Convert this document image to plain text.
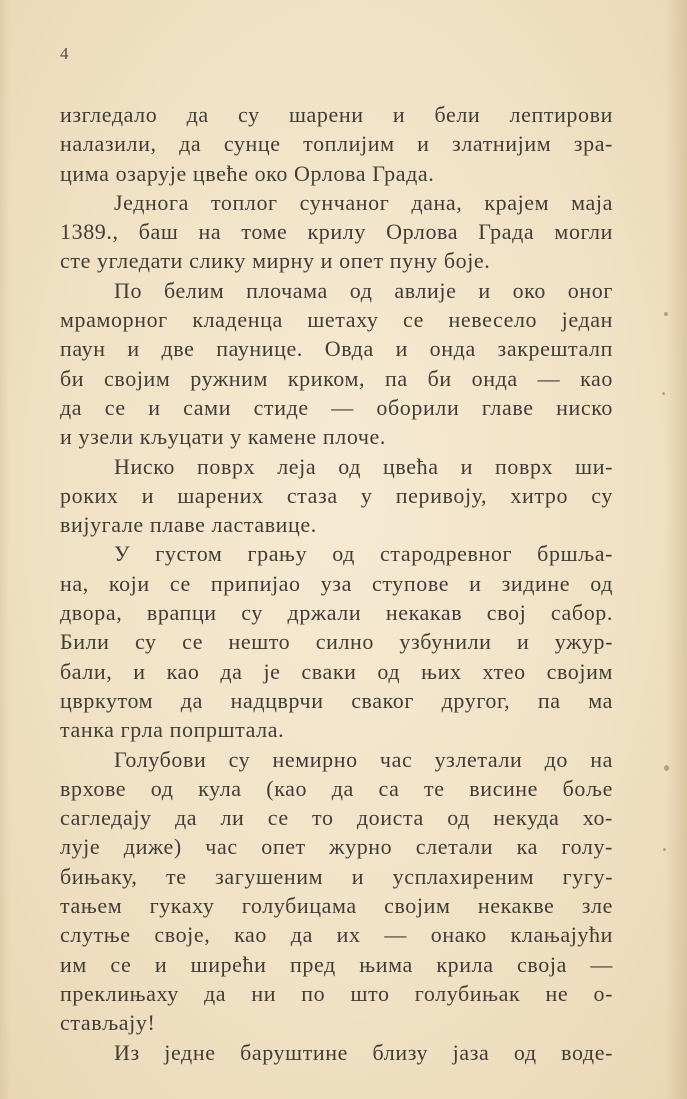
4
изгледало да су шарени и бели лептирови
налазили, да сунце топлијим и златнијим зра-
цима озарује цвеће око Орлова Града.
Једнога топлог сунчаног дана, крајем маја
1389., баш на томе крилу Орлова Града могли
сте угледати слику мирну и опет пуну боје.
По белим плочама од авлије и око оног
мраморног кладенца шетаху се невесело један
паун и две паунице. Овда и онда закрешталп
би својим ружним криком, па би онда — као
да се и сами стиде — оборили главе ниско
и узели кљуцати у камене плоче.
Ниско поврх леја од цвећа и поврх ши-
роких и шарених стаза у перивоју, хитро су
вијугале плаве ластавице.
У густом грању од стародревног бршља-
на, који се припијао уза ступове и зидине од
двора, врапци су држали некакав свој сабор.
Били су се нешто силно узбунили и ужур-
бали, и као да је сваки од њих хтео својим
цвркутом да надцврчи сваког другог, па ма
танка грла попрштала.
Голубови су немирно час узлетали до на
врхове од кула (као да са те висине боље
сагледају да ли се то доиста од некуда хо-
лује диже) час опет журно слетали ка голу-
бињаку, те загушеним и усплахиреним гугу-
тањем гукаху голубицама својим некакве зле
слутње своје, као да их — онако клањајући
им се и ширећи пред њима крила своја —
преклињаху да ни по што голубињак не о-
стављају!
Из једне баруштине близу јаза од воде-
